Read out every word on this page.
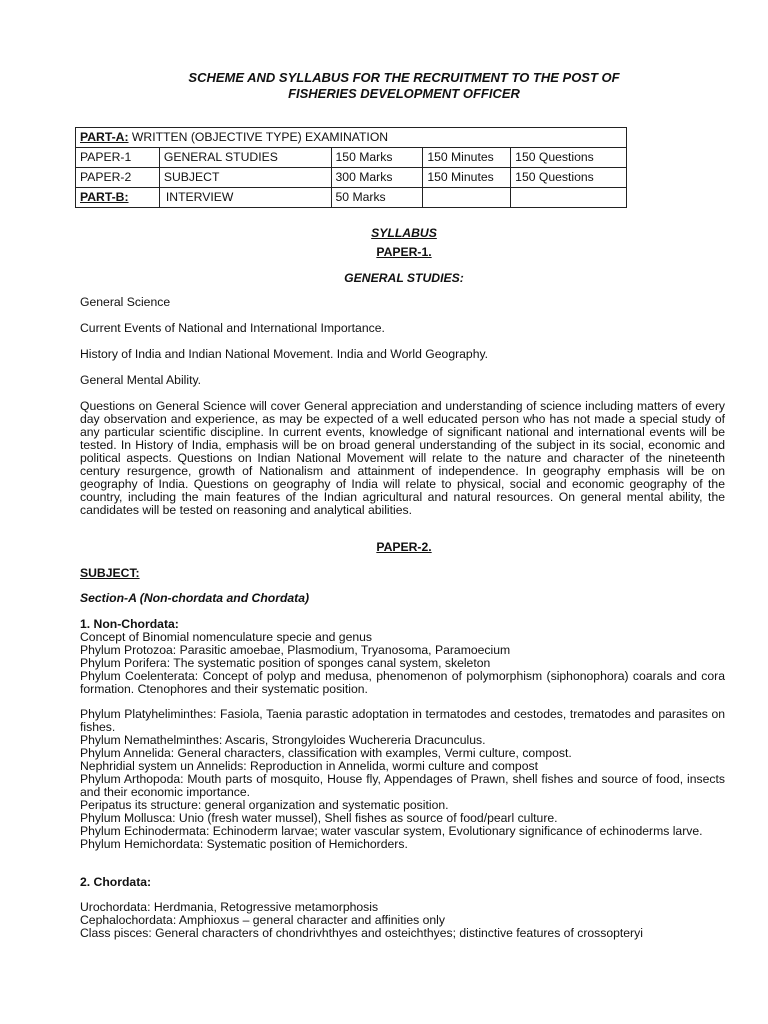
SCHEME AND SYLLABUS FOR THE RECRUITMENT TO THE POST OF
FISHERIES DEVELOPMENT OFFICER
PART-A: WRITTEN (OBJECTIVE TYPE) EXAMINATION				
PAPER-1	GENERAL STUDIES	150 Marks	150 Minutes	150 Questions
PAPER-2	SUBJECT	300 Marks	150 Minutes	150 Questions
PART-B:	INTERVIEW	50 Marks		
SYLLABUS
PAPER-1.
GENERAL STUDIES:
General Science
Current Events of National and International Importance.
History of India and Indian National Movement. India and World Geography.
General Mental Ability.
Questions on General Science will cover General appreciation and understanding of science including matters of every day observation and experience, as may be expected of a well educated person who has not made a special study of any particular scientific discipline. In current events, knowledge of significant national and international events will be tested. In History of India, emphasis will be on broad general understanding of the subject in its social, economic and political aspects. Questions on Indian National Movement will relate to the nature and character of the nineteenth century resurgence, growth of Nationalism and attainment of independence. In geography emphasis will be on geography of India. Questions on geography of India will relate to physical, social and economic geography of the country, including the main features of the Indian agricultural and natural resources. On general mental ability, the candidates will be tested on reasoning and analytical abilities.
PAPER-2.
SUBJECT:
Section-A (Non-chordata and Chordata)
1. Non-Chordata:
Concept of Binomial nomenculature specie and genus
Phylum Protozoa: Parasitic amoebae, Plasmodium, Tryanosoma, Paramoecium
Phylum Porifera: The systematic position of sponges canal system, skeleton
Phylum Coelenterata: Concept of polyp and medusa, phenomenon of polymorphism (siphonophora) coarals and cora formation. Ctenophores and their systematic position.
Phylum Platyheliminthes: Fasiola, Taenia parastic adoptation in termatodes and cestodes, trematodes and parasites on fishes.
Phylum Nemathelminthes: Ascaris, Strongyloides Wuchereria Dracunculus.
Phylum Annelida: General characters, classification with examples, Vermi culture, compost.
Nephridial system un Annelids: Reproduction in Annelida, wormi culture and compost
Phylum Arthopoda: Mouth parts of mosquito, House fly, Appendages of Prawn, shell fishes and source of food, insects and their economic importance.
Peripatus its structure: general organization and systematic position.
Phylum Mollusca: Unio (fresh water mussel), Shell fishes as source of food/pearl culture.
Phylum Echinodermata: Echinoderm larvae; water vascular system, Evolutionary significance of echinoderms larve.
Phylum Hemichordata: Systematic position of Hemichorders.
2. Chordata:
Urochordata: Herdmania, Retogressive metamorphosis
Cephalochordata: Amphioxus – general character and affinities only
Class pisces: General characters of chondrivhthyes and osteichthyes; distinctive features of crossopteryi
